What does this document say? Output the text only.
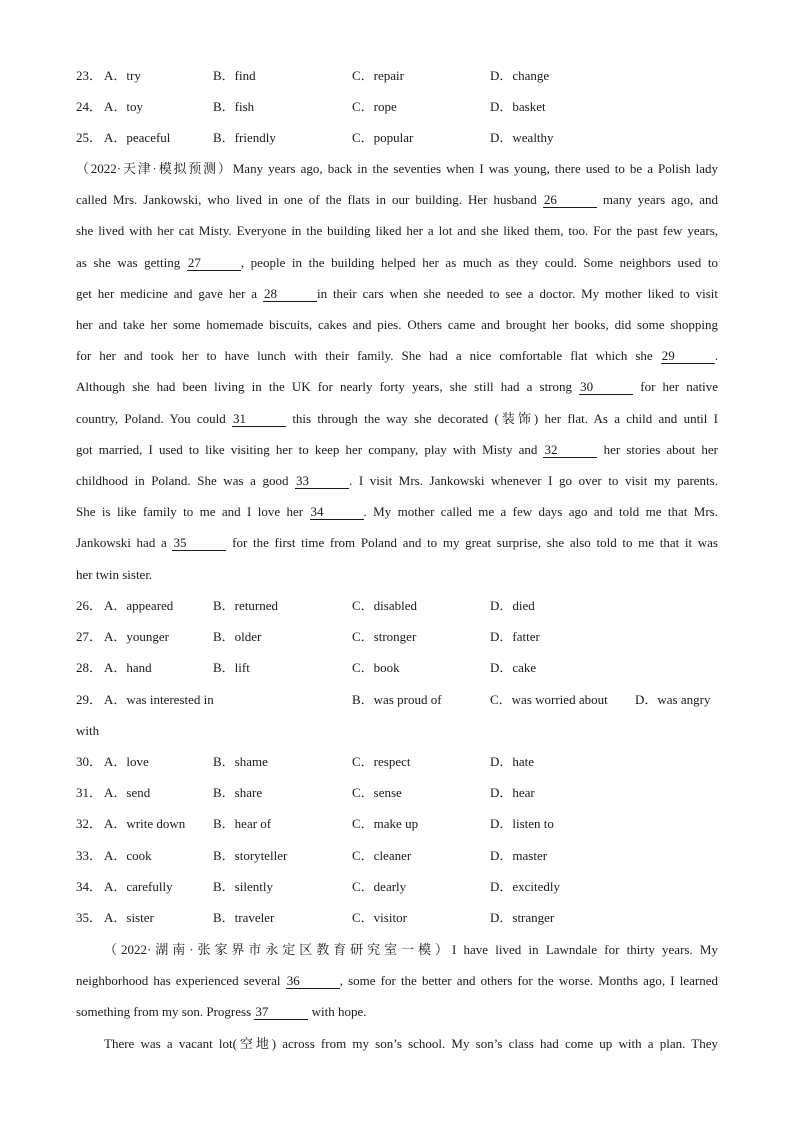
23． A．try	B．find	C．repair	D．change
24． A．toy	B．fish	C．rope	D．basket
25． A．peaceful	B．friendly	C．popular	D．wealthy
（2022·天津·模拟预测）Many years ago, back in the seventies when I was young, there used to be a Polish lady
called Mrs. Jankowski, who lived in one of the flats in our building. Her husband 26	many years ago, and
she lived with her cat Misty. Everyone in the building liked her a lot and she liked them, too. For the past few years,
as she was getting 27	, people in the building helped her as much as they could. Some neighbors used to
get her medicine and gave her a 28	in their cars when she needed to see a doctor. My mother liked to visit
her and take her some homemade biscuits, cakes and pies. Others came and brought her books, did some shopping
for her and took her to have lunch with their family. She had a nice comfortable flat which she 29	.
Although she had been living in the UK for nearly forty years, she still had a strong 30	for her native
country, Poland. You could 31	this through the way she decorated (装饰) her flat. As a child and until I
got married, I used to like visiting her to keep her company, play with Misty and 32	her stories about her
childhood in Poland. She was a good 33	. I visit Mrs. Jankowski whenever I go over to visit my parents.
She is like family to me and I love her 34	. My mother called me a few days ago and told me that Mrs.
Jankowski had a 35	for the first time from Poland and to my great surprise, she also told to me that it was
her twin sister.
26． A．appeared	B．returned	C．disabled	D．died
27． A．younger	B．older	C．stronger	D．fatter
28． A．hand	B．lift	C．book	D．cake
29． A．was interested in	B．was proud of	C．was worried about D．was angry
with
30． A．love	B．shame	C．respect	D．hate
31． A．send	B．share	C．sense	D．hear
32． A．write down B．hear of	C．make up	D．listen to
33． A．cook	B．storyteller	C．cleaner	D．master
34． A．carefully	B．silently	C．dearly	D．excitedly
35． A．sister	B．traveler	C．visitor	D．stranger
（2022·湖南·张家界市永定区教育研究室一模）I have lived in Lawndale for thirty years. My
neighborhood has experienced several 36	, some for the better and others for the worse. Months ago, I learned
something from my son. Progress 37	with hope.
There was a vacant lot(空地) across from my son’s school. My son’s class had come up with a plan. They
